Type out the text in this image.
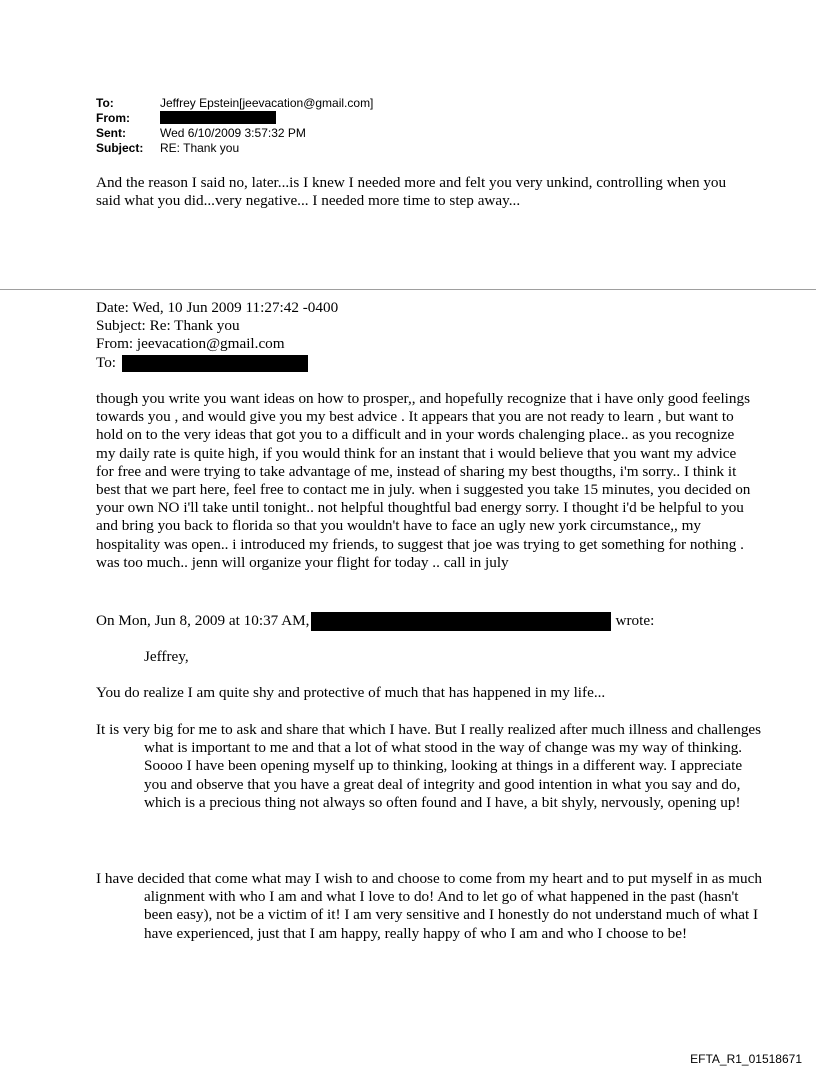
To:	Jeffrey Epstein[jeevacation@gmail.com]
From:
Sent:	Wed 6/10/2009 3:57:32 PM
Subject:	RE: Thank you

And the reason I said no, later...is I knew I needed more and felt you very unkind, controlling when you said what you did...very negative... I needed more time to step away...

Date: Wed, 10 Jun 2009 11:27:42 -0400
Subject: Re: Thank you
From: jeevacation@gmail.com
To:

though you write you want ideas on how to prosper,, and hopefully recognize that i have only good feelings towards you , and would give you my best advice . It appears that you are not ready to learn , but want to hold on to the very ideas that got you to a difficult and in your words chalenging place.. as you recognize my daily rate is quite high, if you would think for an instant that i would believe that you want my advice for free and were trying to take advantage of me, instead of sharing my best thougths, i'm sorry.. I think it best that we part here, feel free to contact me in july. when i suggested you take 15 minutes, you decided on your own NO i'll take until tonight.. not helpful thoughtful bad energy sorry. I thought i'd be helpful to you and bring you back to florida so that you wouldn't have to face an ugly new york circumstance,, my hospitality was open.. i introduced my friends, to suggest that joe was trying to get something for nothing . was too much.. jenn will organize your flight for today .. call in july

On Mon, Jun 8, 2009 at 10:37 AM,	wrote:

Jeffrey,

You do realize I am quite shy and protective of much that has happened in my life...

It is very big for me to ask and share that which I have. But I really realized after much illness and challenges what is important to me and that a lot of what stood in the way of change was my way of thinking. Soooo I have been opening myself up to thinking, looking at things in a different way. I appreciate you and observe that you have a great deal of integrity and good intention in what you say and do, which is a precious thing not always so often found and I have, a bit shyly, nervously, opening up!

I have decided that come what may I wish to and choose to come from my heart and to put myself in as much alignment with who I am and what I love to do! And to let go of what happened in the past (hasn't been easy), not be a victim of it! I am very sensitive and I honestly do not understand much of what I have experienced, just that I am happy, really happy of who I am and who I choose to be!

EFTA_R1_01518671
